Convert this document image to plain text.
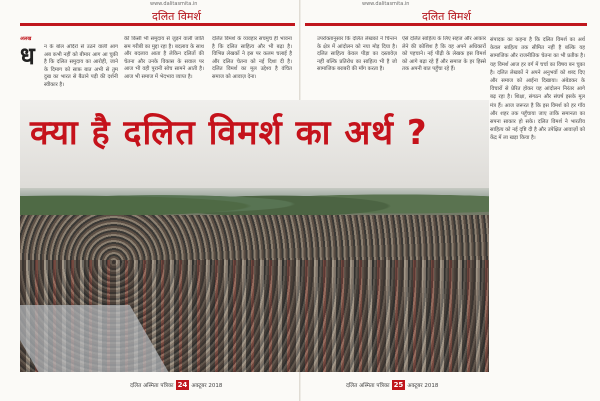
www.dalitasmita.in	www.dalitasmita.in
दलित विमर्श	दलित विमर्श
अलख
ध न के बोल अंदिरों से उठने वाली आग अब कभी नहीं को बीमार आग आ चुकी है कि दलित समुदाय का आरोही, जाने के दिमाग को साफ़ बात अभी से तुम दुख का भारत से बैठाने पड़ी की दर्शनी स्वीकार है।

की किसी भी समुदाय से जुड़ने वाली जाति सम गरीबी का मुद्दा रहा है। बदलाव के साथ और बदलाव आता है लेकिन दलितों की चेतना और उनके विकास के सवाल पर आज भी वही पुरानी सोच सामने आती है। आज भी समाज में भेदभाव व्याप्त है।

दलित विमर्श के व्यवहार सचमुच ही भावना है कि दलित साहित्य और भी बढ़ा है। विभिन्न लेखकों ने इस पर कलम चलाई है और दलित चेतना को नई दिशा दी है। दलित विमर्श का मूल उद्देश्य है वंचित समाज को आवाज़ देना।

उपरोक्तानुसार कि दलित लेखकों ने चिन्तन के क्षेत्र में आंदोलन को नया मोड़ दिया है। दलित साहित्य केवल पीड़ा का दस्तावेज़ नहीं बल्कि प्रतिरोध का साहित्य भी है जो सामाजिक बराबरी की माँग करता है।

ऐसे दलित साहित्य के लिए सहज और आकार लेने की कोशिश है कि वह अपने अधिकारों को पहचाने। नई पीढ़ी के लेखक इस विमर्श को आगे बढ़ा रहे हैं और समाज के हर हिस्से तक अपनी बात पहुँचा रहे हैं।

संपादक का कहना है कि दलित विमर्श का अर्थ केवल साहित्य तक सीमित नहीं है बल्कि यह सामाजिक और राजनीतिक चेतना का भी प्रतीक है। यह विमर्श आज हर वर्ग में चर्चा का विषय बन चुका है। दलित लेखकों ने अपने अनुभवों को शब्द दिए और समाज को आईना दिखाया। अंबेडकर के विचारों से प्रेरित होकर यह आंदोलन निरंतर आगे बढ़ रहा है। शिक्षा, संगठन और संघर्ष इसके मूल मंत्र हैं। आज जरूरत है कि इस विमर्श को हर गाँव और शहर तक पहुँचाया जाए ताकि समानता का सपना साकार हो सके। दलित विमर्श ने भारतीय साहित्य को नई दृष्टि दी है और उपेक्षित आवाज़ों को केंद्र में ला खड़ा किया है।

क्या है दलित विमर्श का अर्थ ?
दलित अस्मिता पत्रिका 24 अक्टूबर 2018	दलित अस्मिता पत्रिका 25 अक्टूबर 2018
